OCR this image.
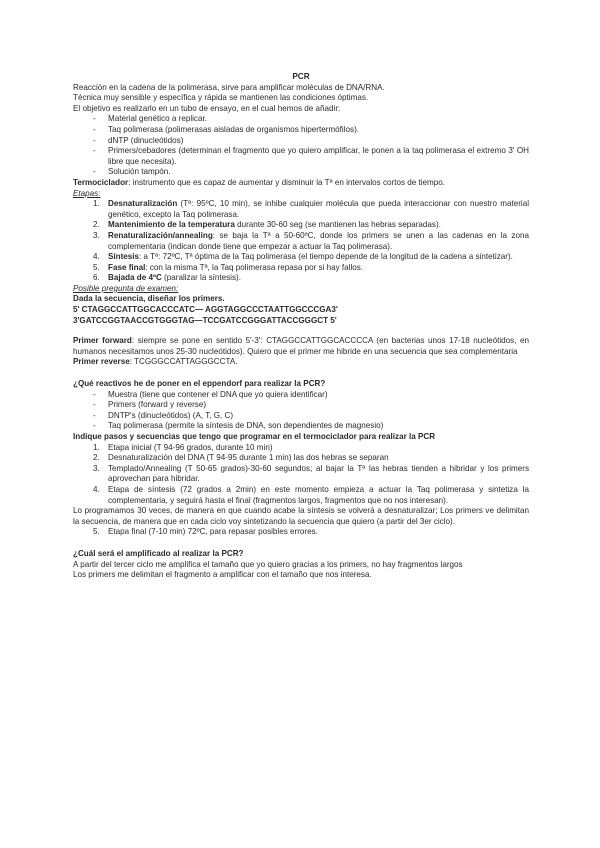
PCR

Reacción en la cadena de la polimerasa, sirve para amplificar moléculas de DNA/RNA.

Técnica muy sensible y específica y rápida se mantienen las condiciones óptimas.

El objetivo es realizarlo en un tubo de ensayo, en el cual hemos de añadir:

- Material genético a replicar.
- Taq polimerasa (polimerasas aisladas de organismos hipertermófilos).
- dNTP (dinucleótidos)
- Primers/cebadores (determinan el fragmento que yo quiero amplificar, le ponen a la taq polimerasa el extremo 3' OH libre que necesita).
- Solución tampón.

Termociclador: instrumento que es capaz de aumentar y disminuir la Tª en intervalos cortos de tiempo.

Etapas:

1. Desnaturalización (Tª: 95ºC, 10 min), se inhibe cualquier molécula que pueda interaccionar con nuestro material genético, excepto la Taq polimerasa.
2. Mantenimiento de la temperatura durante 30-60 seg (se mantienen las hebras separadas).
3. Renaturalización/annealing: se baja la Tª a 50-60ºC, donde los primers se unen a las cadenas en la zona complementaria (indican donde tiene que empezar a actuar la Taq polimerasa).
4. Síntesis: a Tª: 72ºC, Tª óptima de la Taq polimerasa (el tiempo depende de la longitud de la cadena a sintetizar).
5. Fase final: con la misma Tª, la Taq polimerasa repasa por si hay fallos.
6. Bajada de 4ºC (paralizar la síntesis).

Posible pregunta de examen:

Dada la secuencia, diseñar los primers.

5' CTAGGCCATTGGCACCCATC— AGGTAGGCCCTAATTGGCCCGA3'

3'GATCCGGTAACCGTGGGTAG—TCCGATCCGGGATTACCGGGCT 5'

Primer forward: siempre se pone en sentido 5'-3': CTAGGCCATTGGCACCCCA (en bacterias unos 17-18 nucleótidos, en humanos necesitamos unos 25-30 nucleótidos). Quiero que el primer me hibride en una secuencia que sea complementaria

Primer reverse: TCGGGCCATTAGGGCCTA.

¿Qué reactivos he de poner en el eppendorf para realizar la PCR?

- Muestra (tiene que contener el DNA que yo quiera identificar)
- Primers (forward y reverse)
- DNTP's (dinucleótidos) (A, T, G, C)
- Taq polimerasa (permite la síntesis de DNA, son dependientes de magnesio)

Indique pasos y secuencias que tengo que programar en el termociclador para realizar la PCR

1. Etapa inicial (T 94-96 grados, durante 10 min)
2. Desnaturalización del DNA (T 94-95 durante 1 min) las dos hebras se separan
3. Templado/Annealing (T 50-65 grados)-30-60 segundos; al bajar la Tª las hebras tienden a hibridar y los primers aprovechan para hibridar.
4. Etapa de síntesis (72 grados a 2min) en este momento empieza a actuar la Taq polimerasa y sintetiza la complementaria, y seguirá hasta el final (fragmentos largos, fragmentos que no nos interesan).

Lo programamos 30 veces, de manera en que cuando acabe la síntesis se volverá a desnaturalizar; Los primers ve delimitan la secuencia, de manera que en cada ciclo voy sintetizando la secuencia que quiero (a partir del 3er ciclo).

5. Etapa final (7-10 min) 72ºC, para repasar posibles errores.

¿Cuál será el amplificado al realizar la PCR?

A partir del tercer ciclo me amplifica el tamaño que yo quiero gracias a los primers, no hay fragmentos largos

Los primers me delimitan el fragmento a amplificar con el tamaño que nos interesa.
